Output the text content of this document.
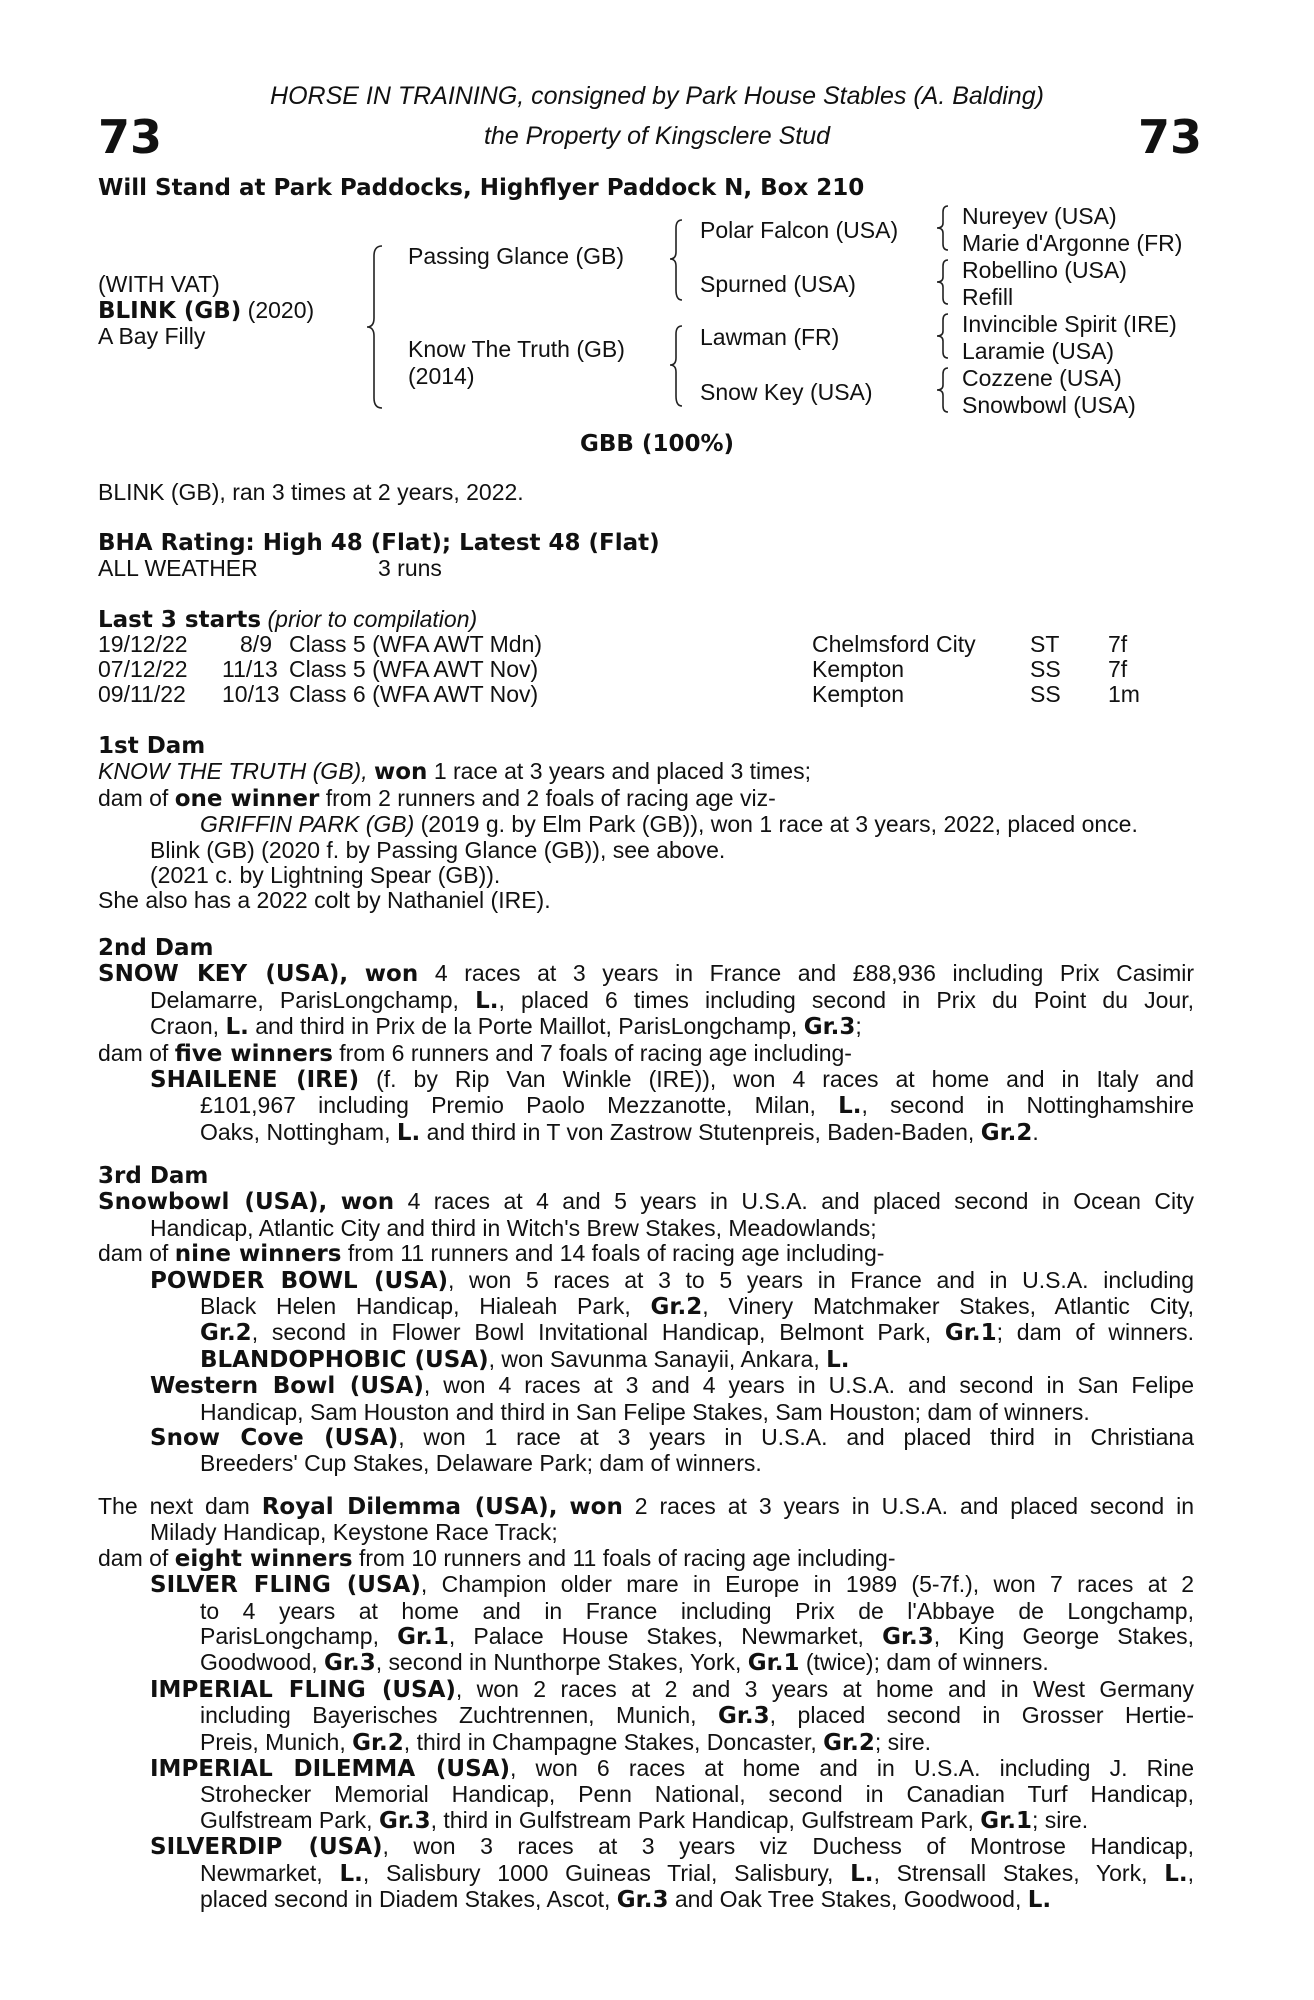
73	73
HORSE IN TRAINING, consigned by Park House Stables (A. Balding)
the Property of Kingsclere Stud
Will Stand at Park Paddocks, Highflyer Paddock N, Box 210
(WITH VAT)
BLINK (GB) (2020)
A Bay Filly
Passing Glance (GB)
Know The Truth (GB)
(2014)
Polar Falcon (USA)
Spurned (USA)
Lawman (FR)
Snow Key (USA)
Nureyev (USA)
Marie d'Argonne (FR)
Robellino (USA)
Refill
Invincible Spirit (IRE)
Laramie (USA)
Cozzene (USA)
Snowbowl (USA)
GBB (100%)
BLINK (GB), ran 3 times at 2 years, 2022.
BHA Rating: High 48 (Flat); Latest 48 (Flat)
ALL WEATHER	3 runs
Last 3 starts (prior to compilation)
19/12/22	8/9 Class 5 (WFA AWT Mdn)	Chelmsford City ST 7f
07/12/22 11/13 Class 5 (WFA AWT Nov)	Kempton	SS 7f
09/11/22 10/13 Class 6 (WFA AWT Nov)	Kempton	SS 1m
1st Dam
KNOW THE TRUTH (GB), won 1 race at 3 years and placed 3 times;
dam of one winner from 2 runners and 2 foals of racing age viz-
GRIFFIN PARK (GB) (2019 g. by Elm Park (GB)), won 1 race at 3 years, 2022, placed once.
Blink (GB) (2020 f. by Passing Glance (GB)), see above.
(2021 c. by Lightning Spear (GB)).
She also has a 2022 colt by Nathaniel (IRE).
2nd Dam
SNOW KEY (USA), won 4 races at 3 years in France and £88,936 including Prix Casimir
Delamarre, ParisLongchamp, L., placed 6 times including second in Prix du Point du Jour,
Craon, L. and third in Prix de la Porte Maillot, ParisLongchamp, Gr.3;
dam of five winners from 6 runners and 7 foals of racing age including-
SHAILENE (IRE) (f. by Rip Van Winkle (IRE)), won 4 races at home and in Italy and
£101,967 including Premio Paolo Mezzanotte, Milan, L., second in Nottinghamshire
Oaks, Nottingham, L. and third in T von Zastrow Stutenpreis, Baden-Baden, Gr.2.
3rd Dam
Snowbowl (USA), won 4 races at 4 and 5 years in U.S.A. and placed second in Ocean City
Handicap, Atlantic City and third in Witch's Brew Stakes, Meadowlands;
dam of nine winners from 11 runners and 14 foals of racing age including-
POWDER BOWL (USA), won 5 races at 3 to 5 years in France and in U.S.A. including
Black Helen Handicap, Hialeah Park, Gr.2, Vinery Matchmaker Stakes, Atlantic City,
Gr.2, second in Flower Bowl Invitational Handicap, Belmont Park, Gr.1; dam of winners.
BLANDOPHOBIC (USA), won Savunma Sanayii, Ankara, L.
Western Bowl (USA), won 4 races at 3 and 4 years in U.S.A. and second in San Felipe
Handicap, Sam Houston and third in San Felipe Stakes, Sam Houston; dam of winners.
Snow Cove (USA), won 1 race at 3 years in U.S.A. and placed third in Christiana
Breeders' Cup Stakes, Delaware Park; dam of winners.
The next dam Royal Dilemma (USA), won 2 races at 3 years in U.S.A. and placed second in
Milady Handicap, Keystone Race Track;
dam of eight winners from 10 runners and 11 foals of racing age including-
SILVER FLING (USA), Champion older mare in Europe in 1989 (5-7f.), won 7 races at 2
to 4 years at home and in France including Prix de l'Abbaye de Longchamp,
ParisLongchamp, Gr.1, Palace House Stakes, Newmarket, Gr.3, King George Stakes,
Goodwood, Gr.3, second in Nunthorpe Stakes, York, Gr.1 (twice); dam of winners.
IMPERIAL FLING (USA), won 2 races at 2 and 3 years at home and in West Germany
including Bayerisches Zuchtrennen, Munich, Gr.3, placed second in Grosser Hertie-
Preis, Munich, Gr.2, third in Champagne Stakes, Doncaster, Gr.2; sire.
IMPERIAL DILEMMA (USA), won 6 races at home and in U.S.A. including J. Rine
Strohecker Memorial Handicap, Penn National, second in Canadian Turf Handicap,
Gulfstream Park, Gr.3, third in Gulfstream Park Handicap, Gulfstream Park, Gr.1; sire.
SILVERDIP (USA), won 3 races at 3 years viz Duchess of Montrose Handicap,
Newmarket, L., Salisbury 1000 Guineas Trial, Salisbury, L., Strensall Stakes, York, L.,
placed second in Diadem Stakes, Ascot, Gr.3 and Oak Tree Stakes, Goodwood, L.
